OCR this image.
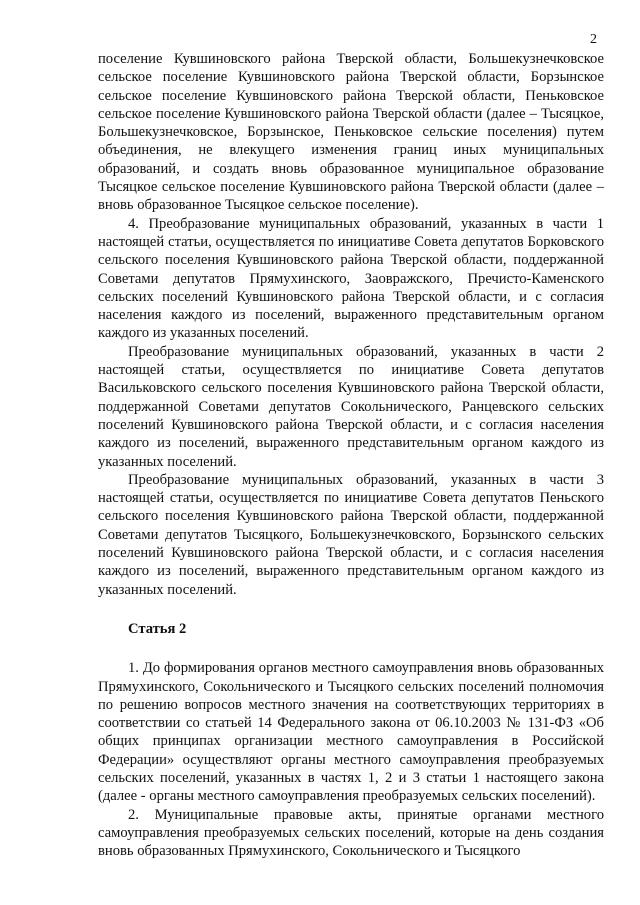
2

поселение Кувшиновского района Тверской области, Большекузнечковское сельское поселение Кувшиновского района Тверской области, Борзынское сельское поселение Кувшиновского района Тверской области, Пеньковское сельское поселение Кувшиновского района Тверской области (далее – Тысяцкое, Большекузнечковское, Борзынское, Пеньковское сельские поселения) путем объединения, не влекущего изменения границ иных муниципальных образований, и создать вновь образованное муниципальное образование Тысяцкое сельское поселение Кувшиновского района Тверской области (далее – вновь образованное Тысяцкое сельское поселение).

4. Преобразование муниципальных образований, указанных в части 1 настоящей статьи, осуществляется по инициативе Совета депутатов Борковского сельского поселения Кувшиновского района Тверской области, поддержанной Советами депутатов Прямухинского, Заовражского, Пречисто-Каменского сельских поселений Кувшиновского района Тверской области, и с согласия населения каждого из поселений, выраженного представительным органом каждого из указанных поселений.

Преобразование муниципальных образований, указанных в части 2 настоящей статьи, осуществляется по инициативе Совета депутатов Васильковского сельского поселения Кувшиновского района Тверской области, поддержанной Советами депутатов Сокольнического, Ранцевского сельских поселений Кувшиновского района Тверской области, и с согласия населения каждого из поселений, выраженного представительным органом каждого из указанных поселений.

Преобразование муниципальных образований, указанных в части 3 настоящей статьи, осуществляется по инициативе Совета депутатов Пеньского сельского поселения Кувшиновского района Тверской области, поддержанной Советами депутатов Тысяцкого, Большекузнечковского, Борзынского сельских поселений Кувшиновского района Тверской области, и с согласия населения каждого из поселений, выраженного представительным органом каждого из указанных поселений.

Статья 2

1. До формирования органов местного самоуправления вновь образованных Прямухинского, Сокольнического и Тысяцкого сельских поселений полномочия по решению вопросов местного значения на соответствующих территориях в соответствии со статьей 14 Федерального закона от 06.10.2003 № 131-ФЗ «Об общих принципах организации местного самоуправления в Российской Федерации» осуществляют органы местного самоуправления преобразуемых сельских поселений, указанных в частях 1, 2 и 3 статьи 1 настоящего закона (далее - органы местного самоуправления преобразуемых сельских поселений).

2. Муниципальные правовые акты, принятые органами местного самоуправления преобразуемых сельских поселений, которые на день создания вновь образованных Прямухинского, Сокольнического и Тысяцкого
